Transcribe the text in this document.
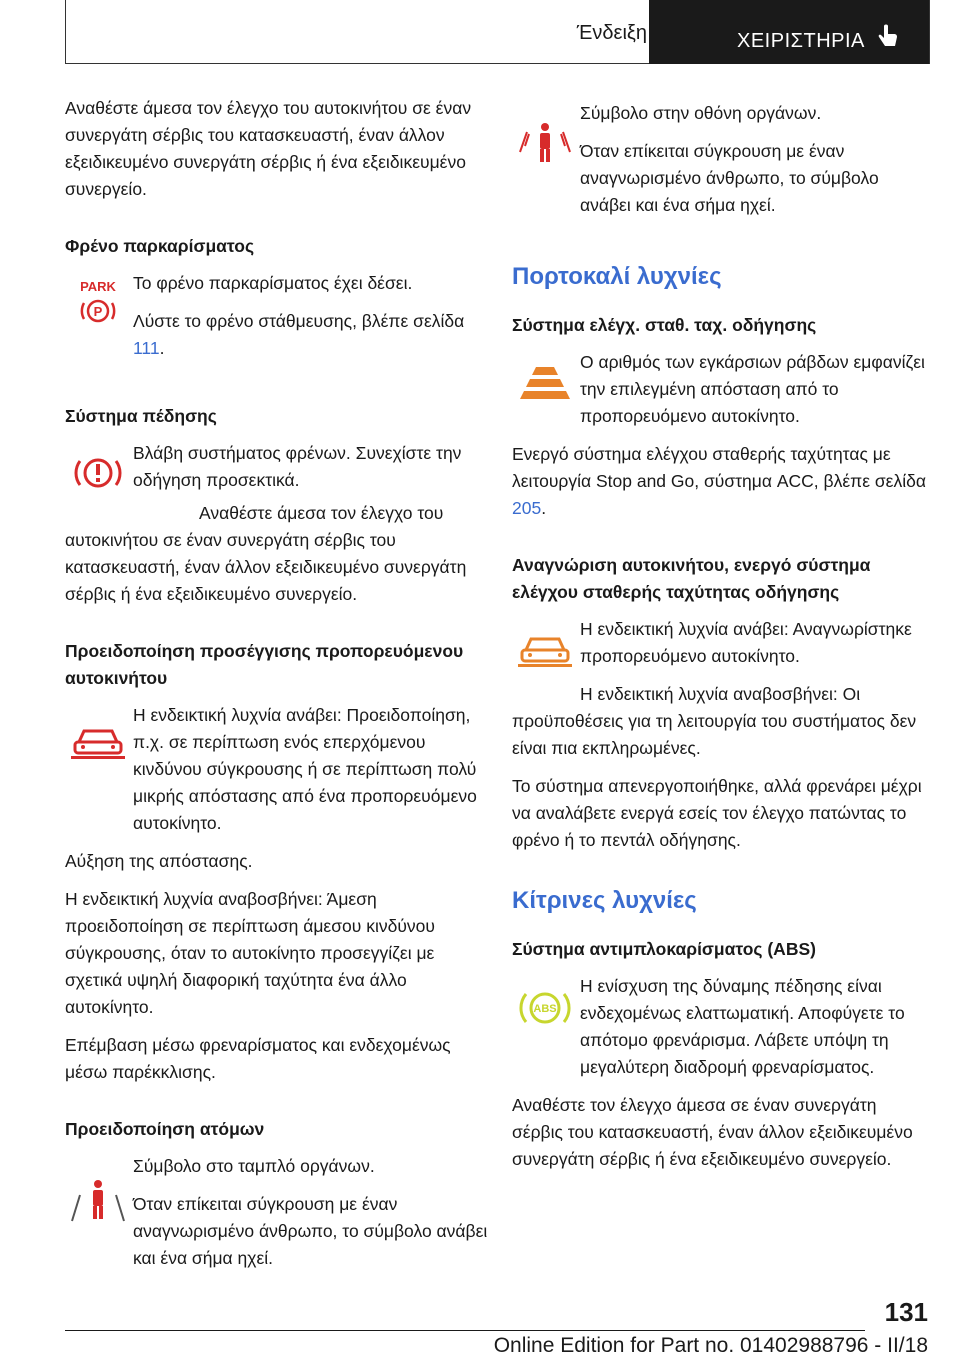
Ένδειξη	ΧΕΙΡΙΣΤΗΡΙΑ

Αναθέστε άμεσα τον έλεγχο του αυτοκινήτου σε έναν συνεργάτη σέρβις του κατασκευαστή, έναν άλλον εξειδικευμένο συνεργάτη σέρβις ή ένα εξειδικευμένο συνεργείο.

Φρένο παρκαρίσματος
PARK
P

Το φρένο παρκαρίσματος έχει δέσει.

Λύστε το φρένο στάθμευσης, βλέπε σελίδα 111.

Σύστημα πέδησης

Βλάβη συστήματος φρένων. Συνεχίστε την οδήγηση προσεκτικά.

Αναθέστε άμεσα τον έλεγχο του αυτοκινήτου σε έναν συνεργάτη σέρβις του κατασκευαστή, έναν άλλον εξειδικευμένο συνεργάτη σέρβις ή ένα εξειδικευμένο συνεργείο.

Προειδοποίηση προσέγγισης προπορευόμενου αυτοκινήτου

Η ενδεικτική λυχνία ανάβει: Προειδοποίηση, π.χ. σε περίπτωση ενός επερχόμενου κινδύνου σύγκρουσης ή σε περίπτωση πολύ μικρής απόστασης από ένα προπορευόμενο αυτοκίνητο.

Αύξηση της απόστασης.

Η ενδεικτική λυχνία αναβοσβήνει: Άμεση προειδοποίηση σε περίπτωση άμεσου κινδύνου σύγκρουσης, όταν το αυτοκίνητο προσεγγίζει με σχετικά υψηλή διαφορική ταχύτητα ένα άλλο αυτοκίνητο.

Επέμβαση μέσω φρεναρίσματος και ενδεχομένως μέσω παρέκκλισης.

Προειδοποίηση ατόμων

Σύμβολο στο ταμπλό οργάνων.

Όταν επίκειται σύγκρουση με έναν αναγνωρισμένο άνθρωπο, το σύμβολο ανάβει και ένα σήμα ηχεί.

Σύμβολο στην οθόνη οργάνων.

Όταν επίκειται σύγκρουση με έναν αναγνωρισμένο άνθρωπο, το σύμβολο ανάβει και ένα σήμα ηχεί.

Πορτοκαλί λυχνίες
Σύστημα ελέγχ. σταθ. ταχ. οδήγησης

Ο αριθμός των εγκάρσιων ράβδων εμφανίζει την επιλεγμένη απόσταση από το προπορευόμενο αυτοκίνητο.

Ενεργό σύστημα ελέγχου σταθερής ταχύτητας με λειτουργία Stop and Go, σύστημα ACC, βλέπε σελίδα 205.

Αναγνώριση αυτοκινήτου, ενεργό σύστημα ελέγχου σταθερής ταχύτητας οδήγησης

Η ενδεικτική λυχνία ανάβει: Αναγνωρίστηκε προπορευόμενο αυτοκίνητο.

Η ενδεικτική λυχνία αναβοσβήνει: Οι προϋποθέσεις για τη λειτουργία του συστήματος δεν είναι πια εκπληρωμένες.

Το σύστημα απενεργοποιήθηκε, αλλά φρενάρει μέχρι να αναλάβετε ενεργά εσείς τον έλεγχο πατώντας το φρένο ή το πεντάλ οδήγησης.

Κίτρινες λυχνίες
Σύστημα αντιμπλοκαρίσματος (ABS)
ABS

Η ενίσχυση της δύναμης πέδησης είναι ενδεχομένως ελαττωματική. Αποφύγετε το απότομο φρενάρισμα. Λάβετε υπόψη τη μεγαλύτερη διαδρομή φρεναρίσματος.

Αναθέστε τον έλεγχο άμεσα σε έναν συνεργάτη σέρβις του κατασκευαστή, έναν άλλον εξειδικευμένο συνεργάτη σέρβις ή ένα εξειδικευμένο συνεργείο.

131
Online Edition for Part no. 01402988796 - II/18
